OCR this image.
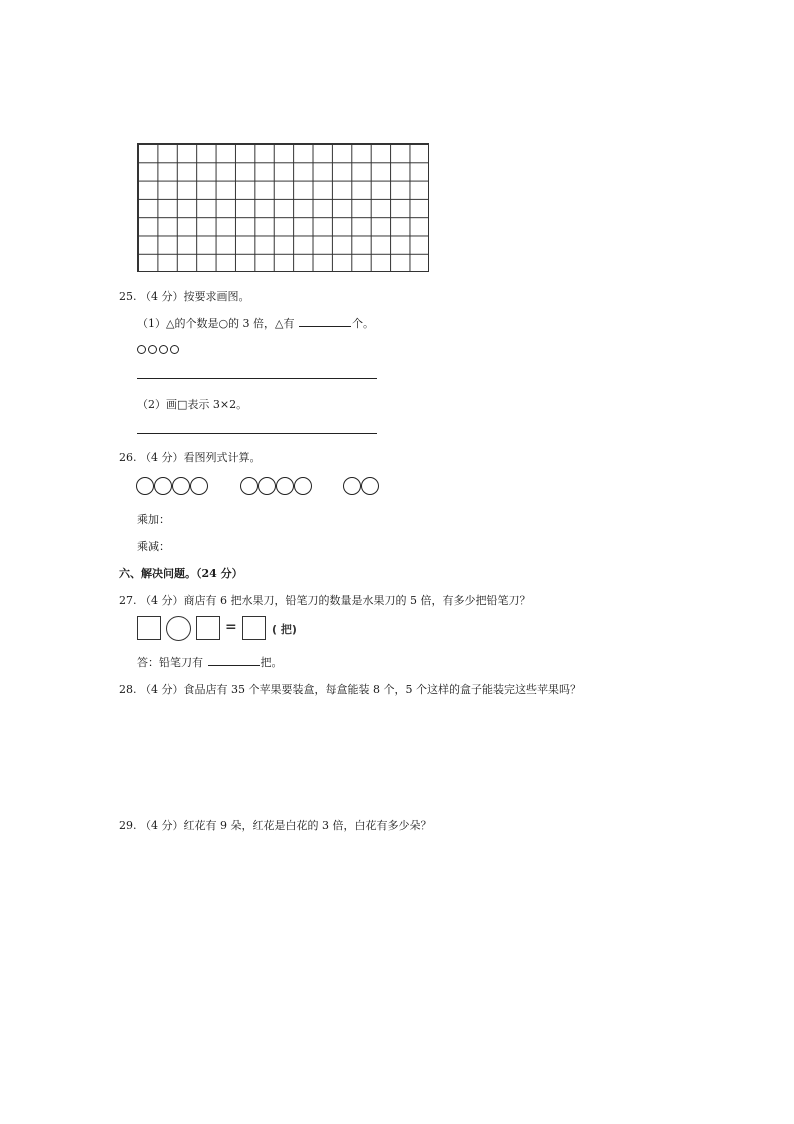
25. （4 分）按要求画图。
（1）△的个数是○的 3 倍，△有	个。
（2）画□表示 3×2。
26. （4 分）看图列式计算。
乘加：
乘减：
六、解决问题。（24 分）
27. （4 分）商店有 6 把水果刀，铅笔刀的数量是水果刀的 5 倍，有多少把铅笔刀？
=	( 把)
答：铅笔刀有	把。
28. （4 分）食品店有 35 个苹果要装盒，每盒能装 8 个，5 个这样的盒子能装完这些苹果吗？
29. （4 分）红花有 9 朵，红花是白花的 3 倍，白花有多少朵？
